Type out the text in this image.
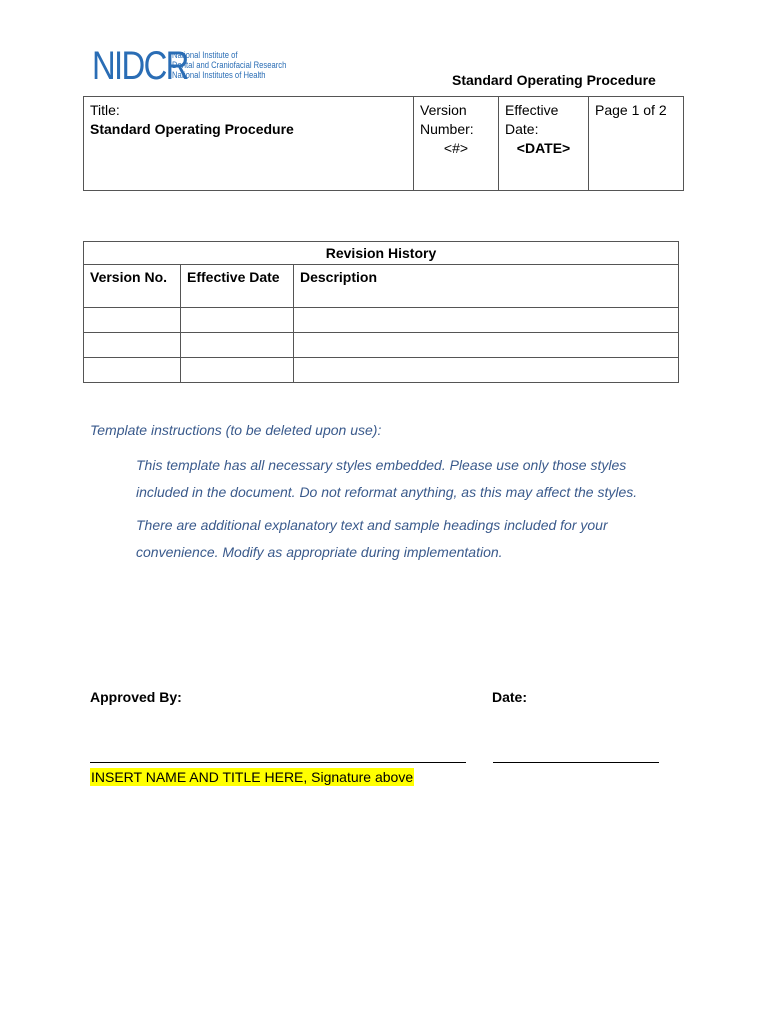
NIDCR
National Institute of
Dental and Craniofacial Research
National Institutes of Health	Standard Operating Procedure
Title:
Standard Operating Procedure

Version
Number:
<#>

Effective
Date:
<DATE>

Page 1 of 2
Revision History		
Version No.	Effective Date	Description

Template instructions (to be deleted upon use):

This template has all necessary styles embedded. Please use only those styles included in the document. Do not reformat anything, as this may affect the styles.

There are additional explanatory text and sample headings included for your convenience. Modify as appropriate during implementation.

Approved By:	Date:
INSERT NAME AND TITLE HERE, Signature above
